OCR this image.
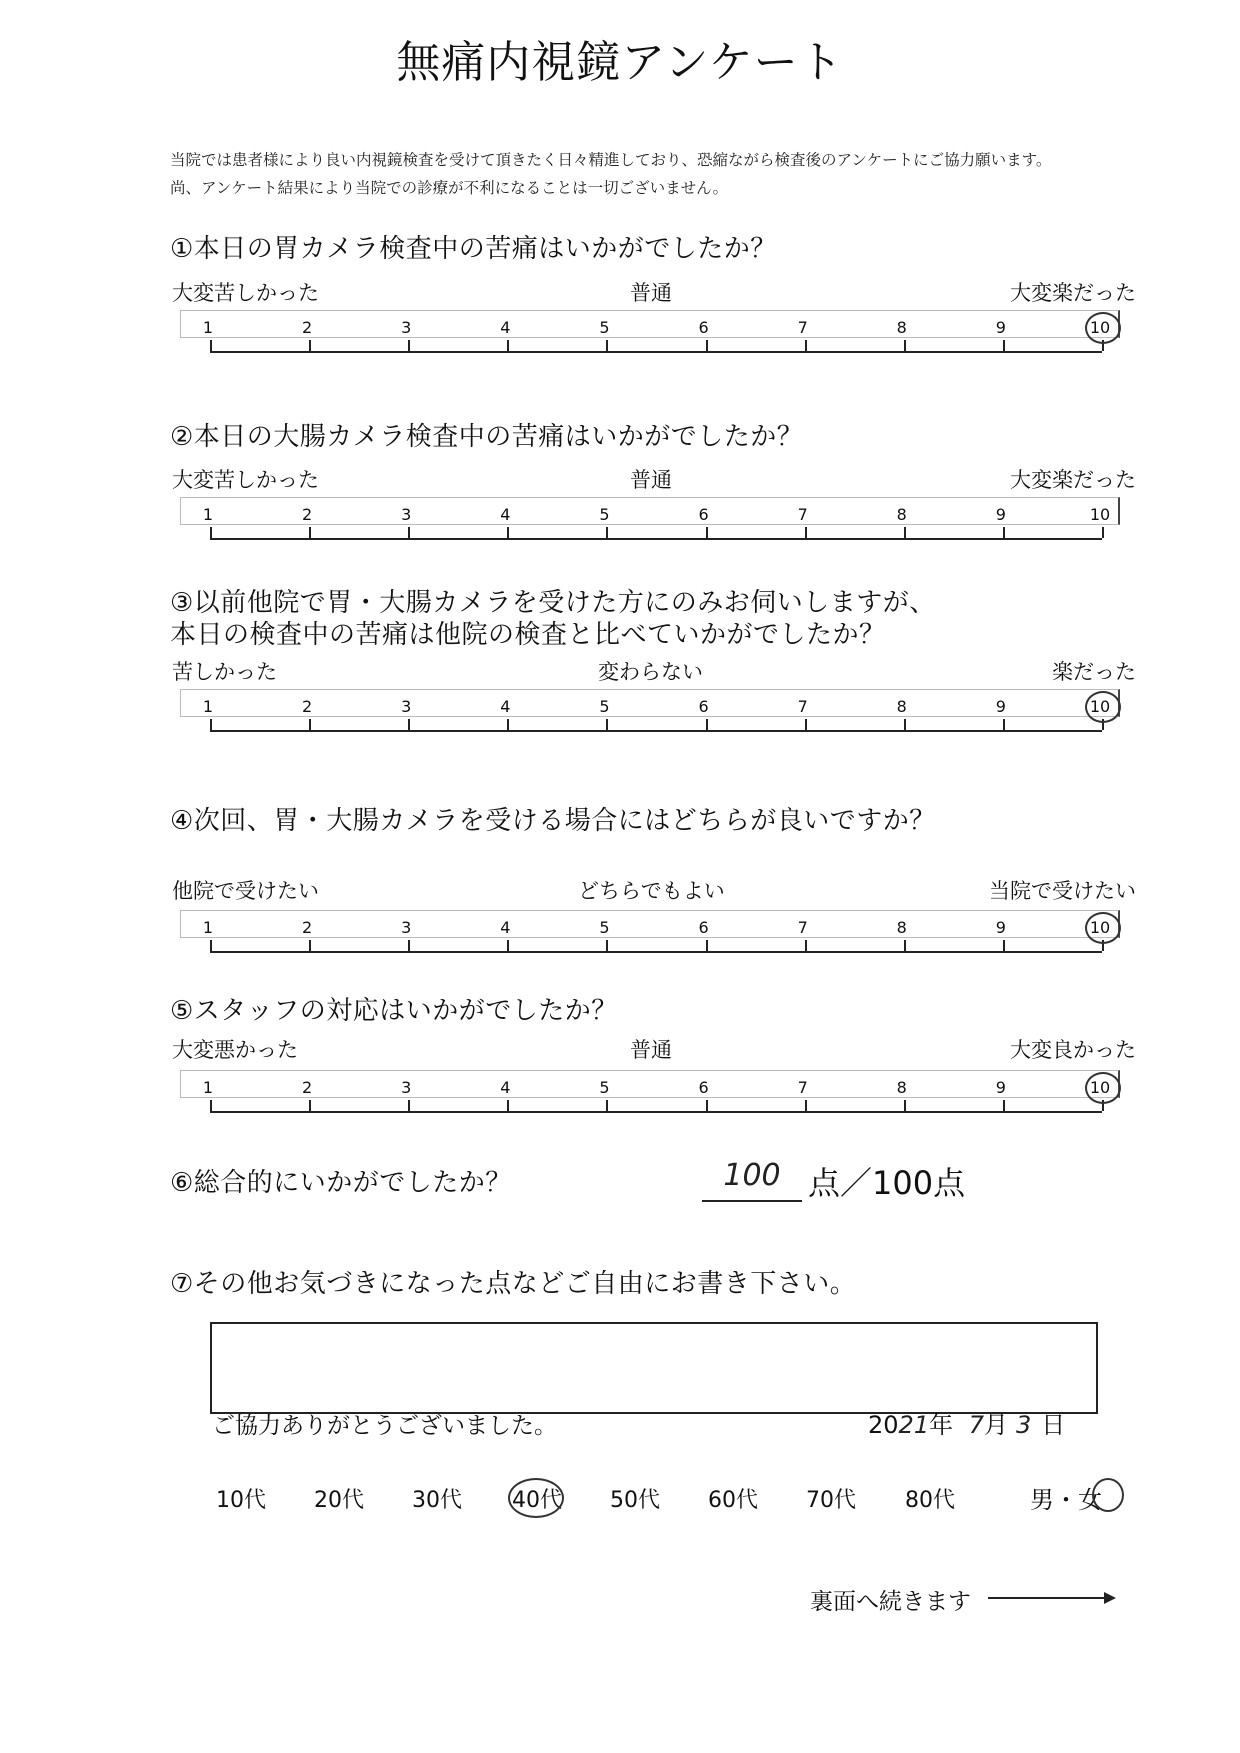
無痛内視鏡アンケート
当院では患者様により良い内視鏡検査を受けて頂きたく日々精進しており、恐縮ながら検査後のアンケートにご協力願います。
尚、アンケート結果により当院での診療が不利になることは一切ございません。
①本日の胃カメラ検査中の苦痛はいかがでしたか？
大変苦しかった	普通	大変楽だった
1	2	3	4	5	6	7	8	9	10
②本日の大腸カメラ検査中の苦痛はいかがでしたか？
大変苦しかった	普通	大変楽だった
1	2	3	4	5	6	7	8	9	10
③以前他院で胃・大腸カメラを受けた方にのみお伺いしますが、
本日の検査中の苦痛は他院の検査と比べていかがでしたか？
苦しかった	変わらない	楽だった
1	2	3	4	5	6	7	8	9	10
④次回、胃・大腸カメラを受ける場合にはどちらが良いですか？
他院で受けたい	どちらでもよい	当院で受けたい
1	2	3	4	5	6	7	8	9	10
⑤スタッフの対応はいかがでしたか？
大変悪かった	普通	大変良かった
1	2	3	4	5	6	7	8	9	10
⑥総合的にいかがでしたか？	100 点／100点
⑦その他お気づきになった点などご自由にお書き下さい。
ご協力ありがとうございました。	2021年 7月 3 日
10代 20代 30代 40代 50代 60代 70代 80代	男・女
裏面へ続きます
